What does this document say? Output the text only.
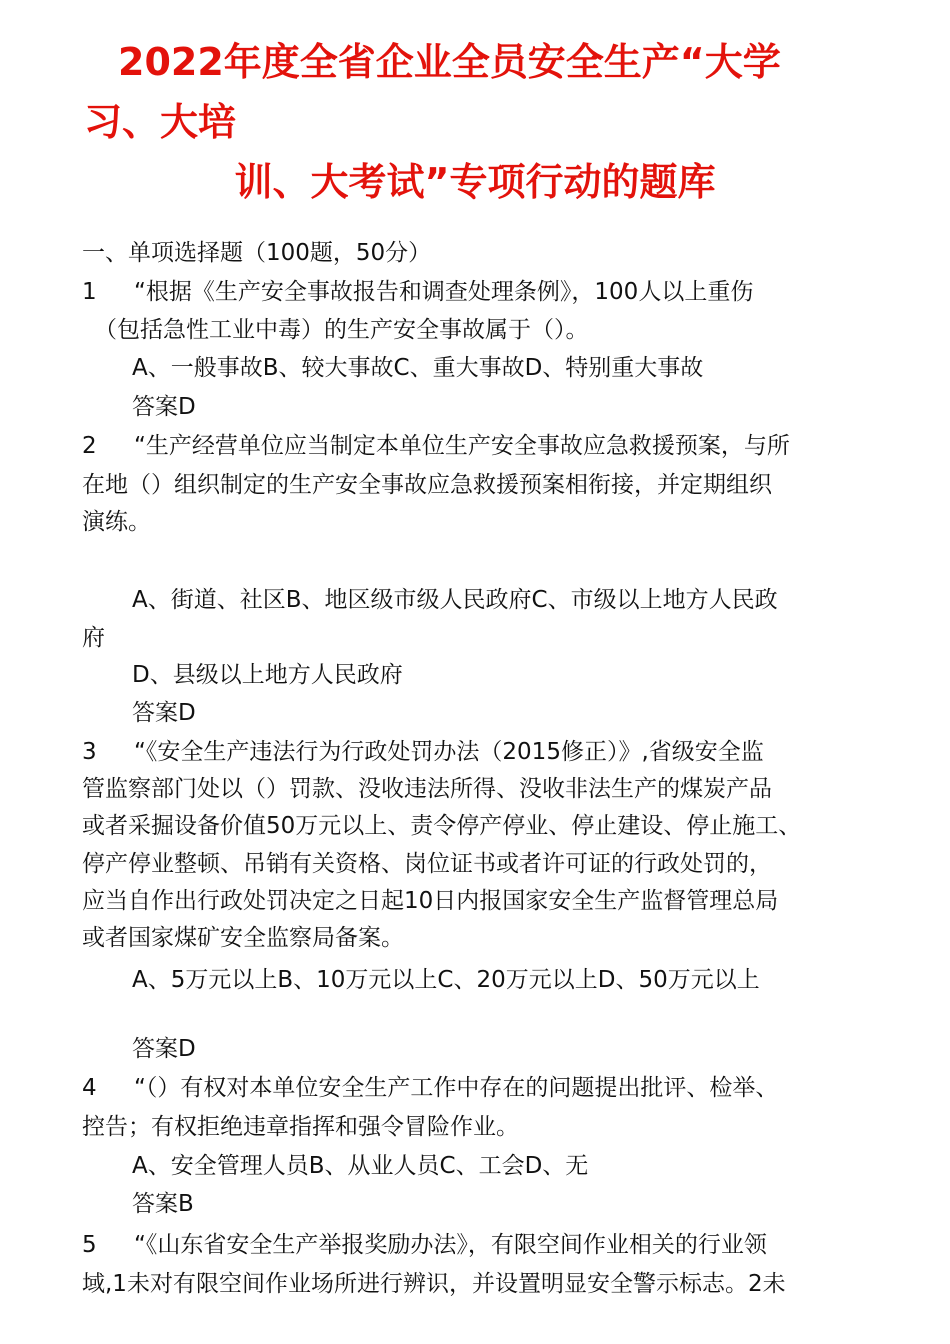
2022年度全省企业全员安全生产“大学
习、大培
训、大考试”专项行动的题库
一、单项选择题（100题，50分）
1 “根据《生产安全事故报告和调查处理条例》，100人以上重伤
（包括急性工业中毒）的生产安全事故属于（）。
A、一般事故B、较大事故C、重大事故D、特别重大事故
答案D
2 “生产经营单位应当制定本单位生产安全事故应急救援预案，与所
在地（）组织制定的生产安全事故应急救援预案相衔接，并定期组织
演练。
A、街道、社区B、地区级市级人民政府C、市级以上地方人民政
府
D、县级以上地方人民政府
答案D
3 “《安全生产违法行为行政处罚办法（2015修正）》,省级安全监
管监察部门处以（）罚款、没收违法所得、没收非法生产的煤炭产品
或者采掘设备价值50万元以上、责令停产停业、停止建设、停止施工、
停产停业整顿、吊销有关资格、岗位证书或者许可证的行政处罚的，
应当自作出行政处罚决定之日起10日内报国家安全生产监督管理总局
或者国家煤矿安全监察局备案。
A、5万元以上B、10万元以上C、20万元以上D、50万元以上
答案D
4 “（）有权对本单位安全生产工作中存在的问题提出批评、检举、
控告；有权拒绝违章指挥和强令冒险作业。
A、安全管理人员B、从业人员C、工会D、无
答案B
5 “《山东省安全生产举报奖励办法》，有限空间作业相关的行业领
域,1未对有限空间作业场所进行辨识，并设置明显安全警示标志。2未
